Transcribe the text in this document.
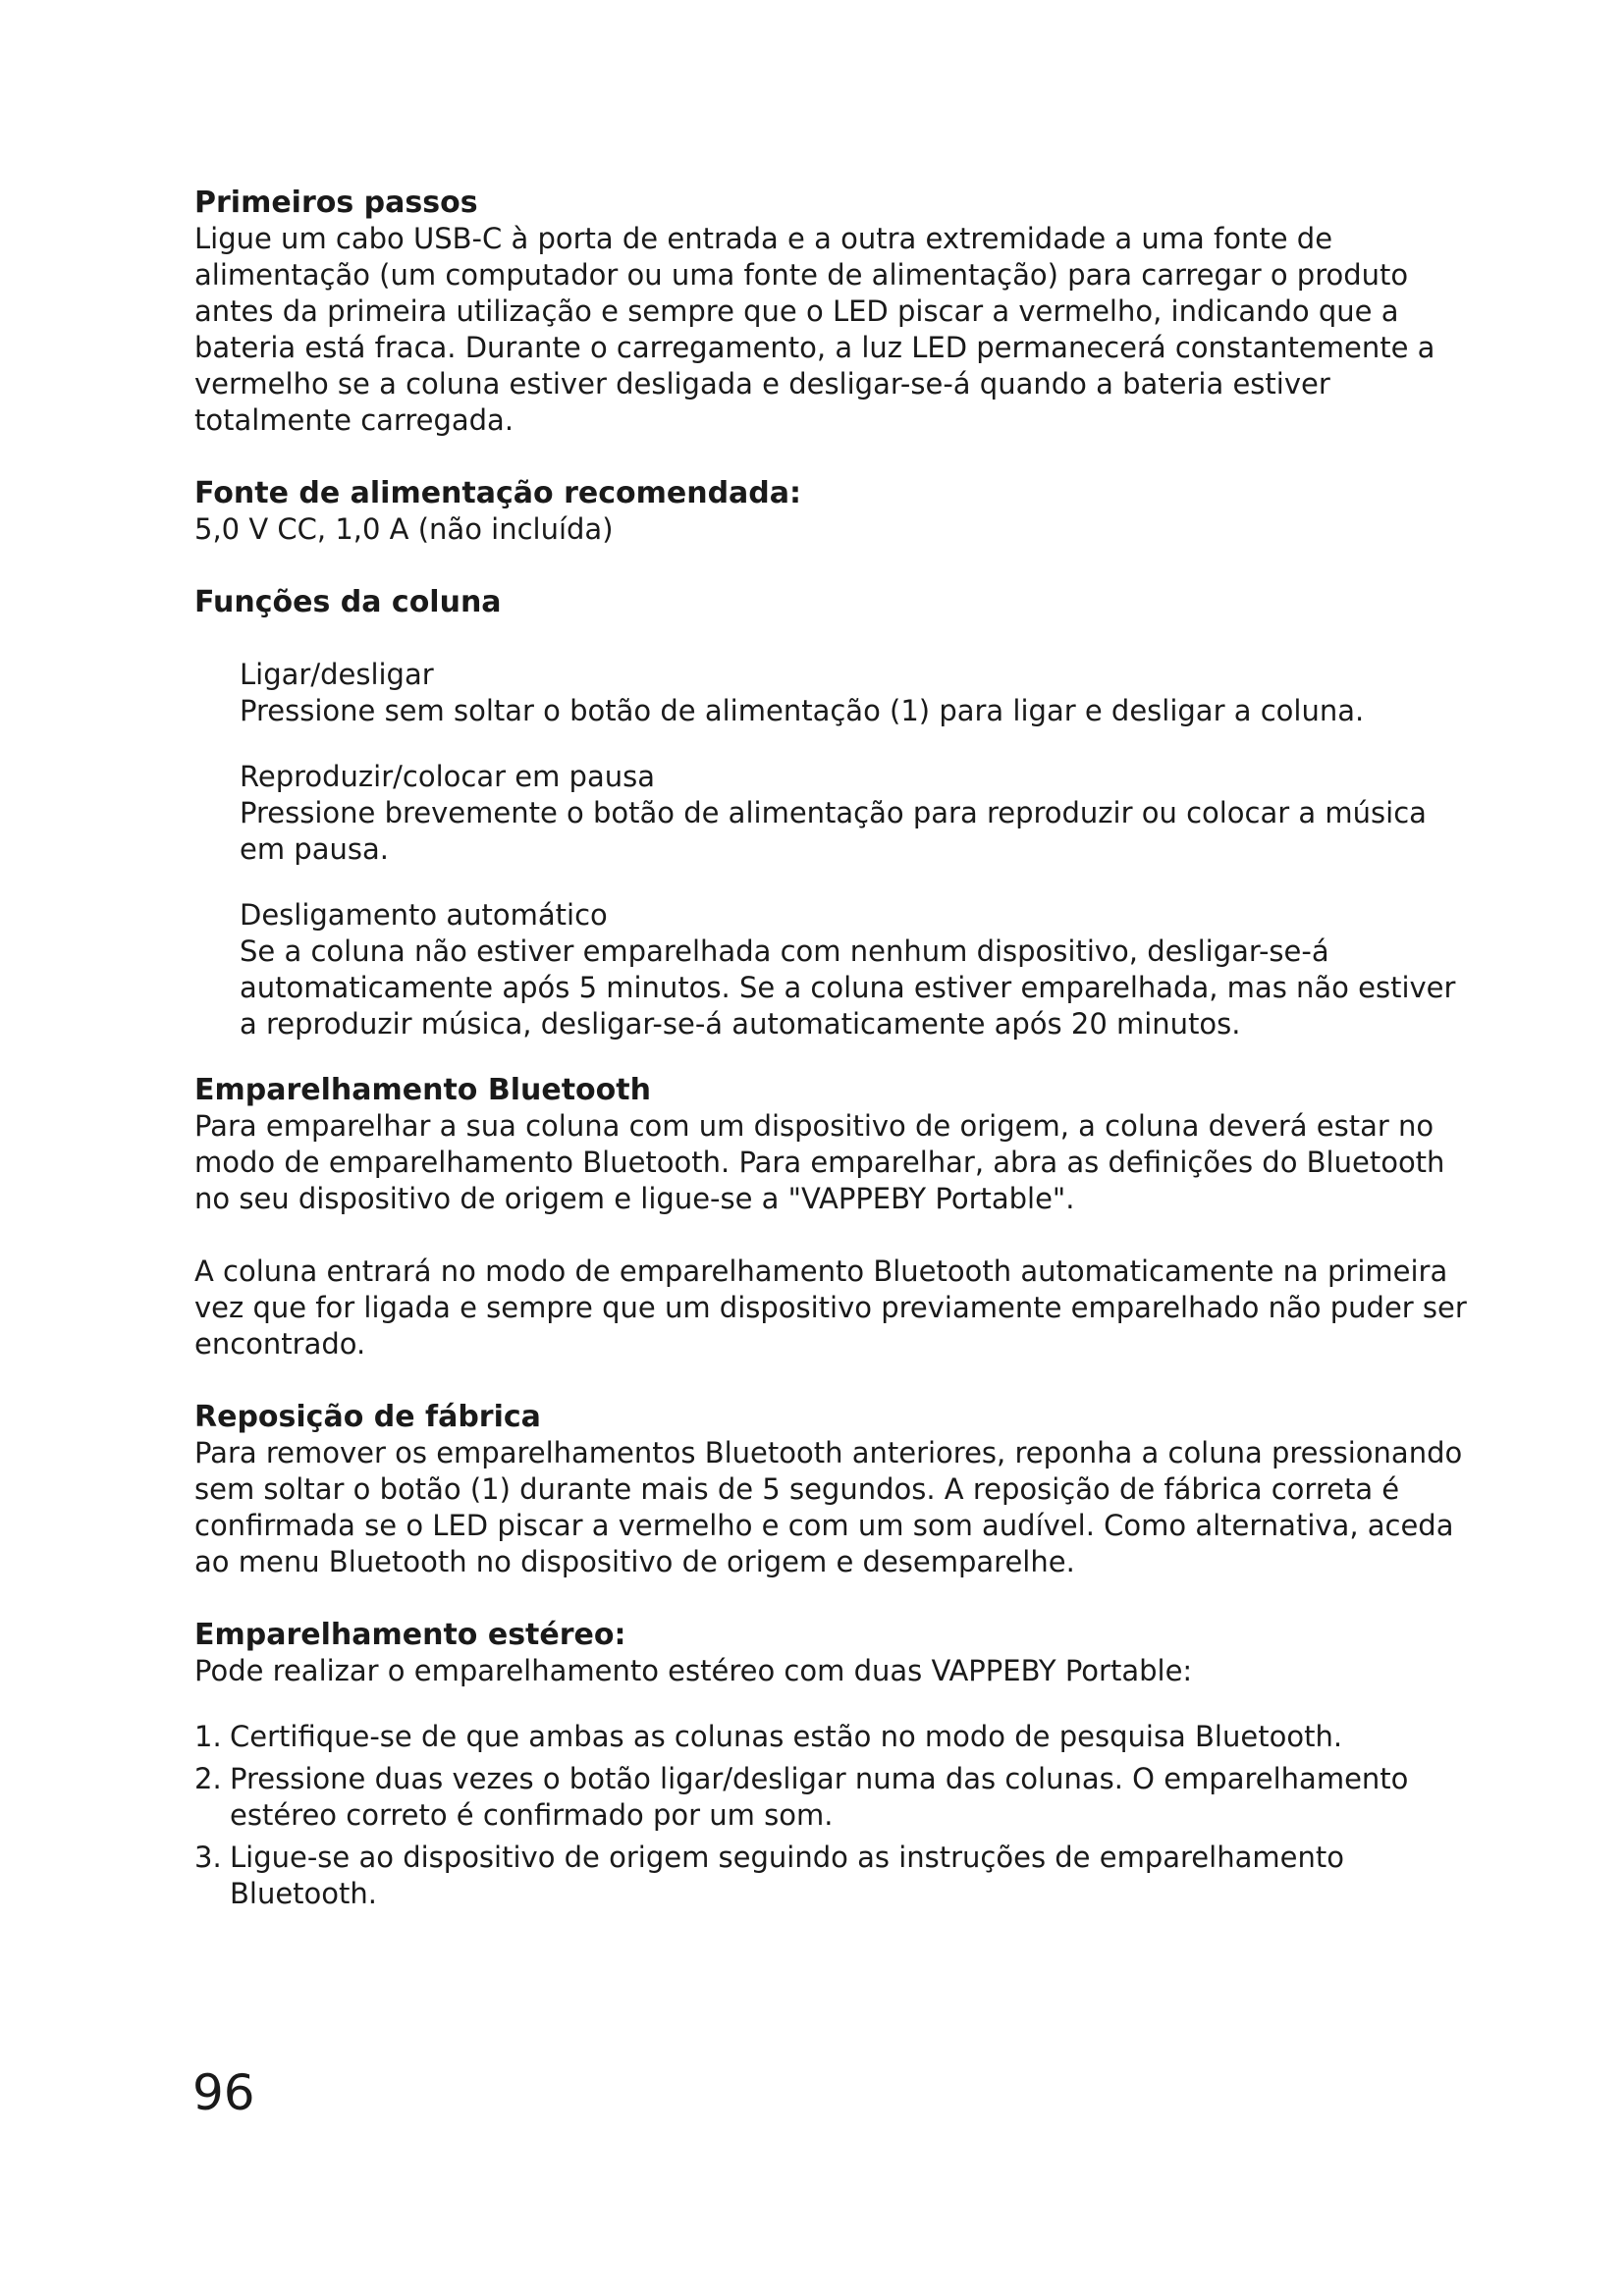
Primeiros passos

Ligue um cabo USB-C à porta de entrada e a outra extremidade a uma fonte de alimentação (um computador ou uma fonte de alimentação) para carregar o produto antes da primeira utilização e sempre que o LED piscar a vermelho, indicando que a bateria está fraca. Durante o carregamento, a luz LED permanecerá constantemente a vermelho se a coluna estiver desligada e desligar-se-á quando a bateria estiver totalmente carregada.

Fonte de alimentação recomendada:

5,0 V CC, 1,0 A (não incluída)

Funções da coluna

Ligar/desligar

Pressione sem soltar o botão de alimentação (1) para ligar e desligar a coluna.

Reproduzir/colocar em pausa

Pressione brevemente o botão de alimentação para reproduzir ou colocar a música em pausa.

Desligamento automático

Se a coluna não estiver emparelhada com nenhum dispositivo, desligar-se-á automaticamente após 5 minutos. Se a coluna estiver emparelhada, mas não estiver a reproduzir música, desligar-se-á automaticamente após 20 minutos.

Emparelhamento Bluetooth

Para emparelhar a sua coluna com um dispositivo de origem, a coluna deverá estar no modo de emparelhamento Bluetooth. Para emparelhar, abra as definições do Bluetooth no seu dispositivo de origem e ligue-se a "VAPPEBY Portable".

A coluna entrará no modo de emparelhamento Bluetooth automaticamente na primeira vez que for ligada e sempre que um dispositivo previamente emparelhado não puder ser encontrado.

Reposição de fábrica

Para remover os emparelhamentos Bluetooth anteriores, reponha a coluna pressionando sem soltar o botão (1) durante mais de 5 segundos. A reposição de fábrica correta é confirmada se o LED piscar a vermelho e com um som audível. Como alternativa, aceda ao menu Bluetooth no dispositivo de origem e desemparelhe.

Emparelhamento estéreo:

Pode realizar o emparelhamento estéreo com duas VAPPEBY Portable:

1. Certifique-se de que ambas as colunas estão no modo de pesquisa Bluetooth.
2. Pressione duas vezes o botão ligar/desligar numa das colunas. O emparelhamento estéreo correto é confirmado por um som.
3. Ligue-se ao dispositivo de origem seguindo as instruções de emparelhamento Bluetooth.
96
